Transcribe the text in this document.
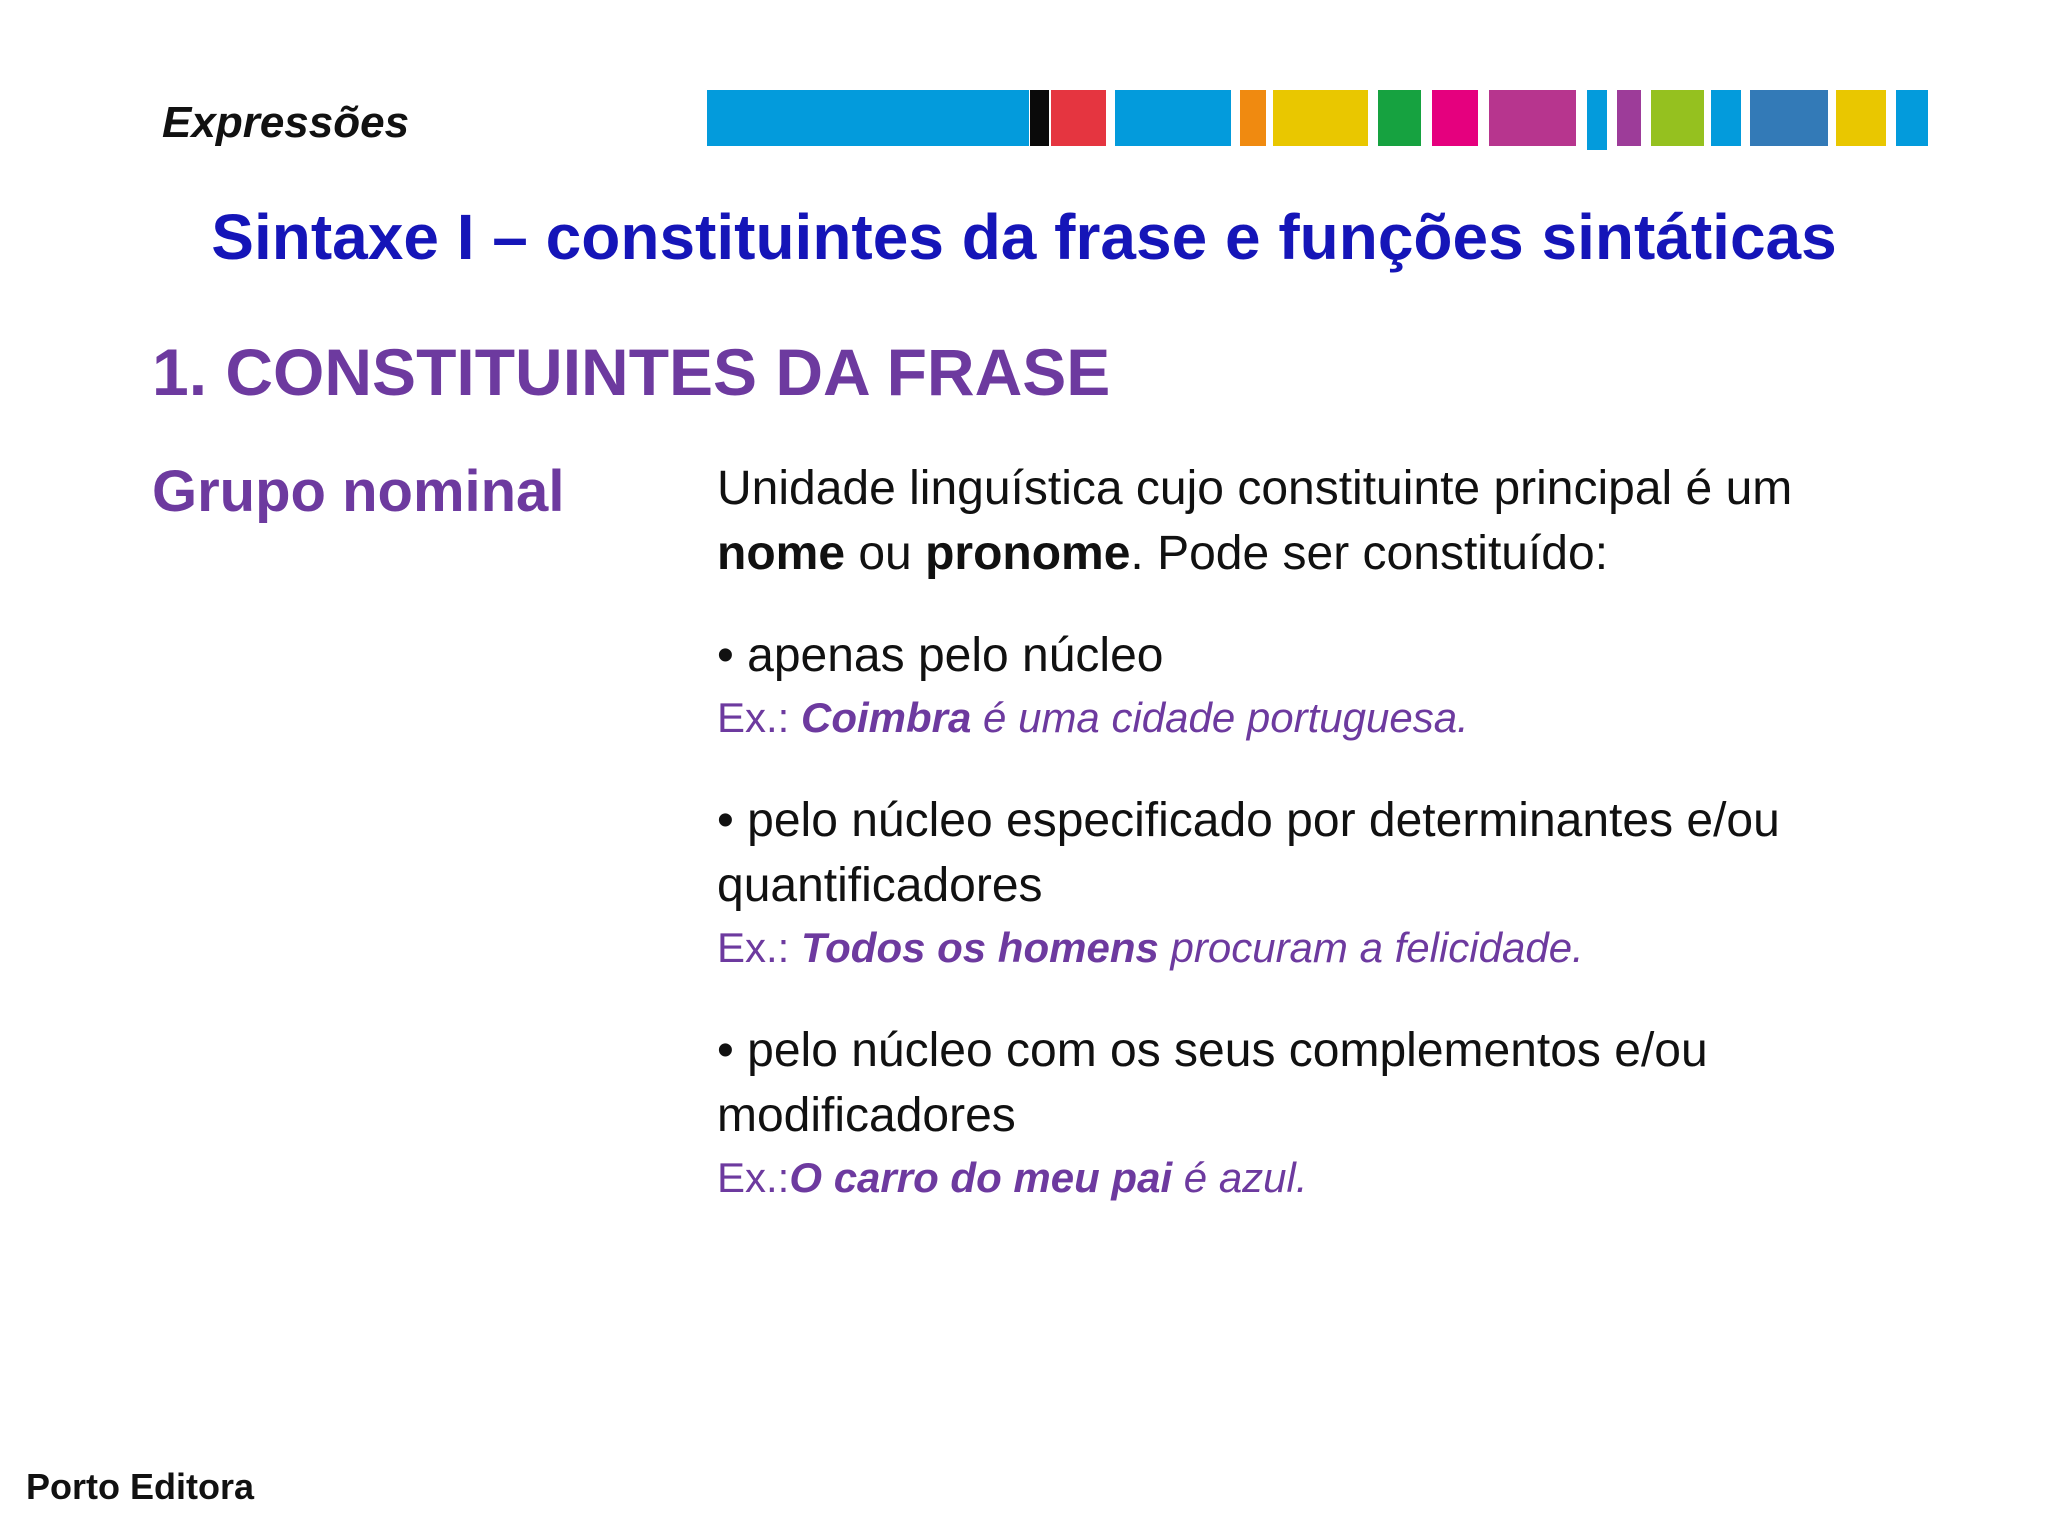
Expressões

Sintaxe I – constituintes da frase e funções sintáticas
1. CONSTITUINTES DA FRASE
Grupo nominal	Unidade linguística cujo constituinte principal é um nome ou pronome. Pode ser constituído:

• apenas pelo núcleo

Ex.: Coimbra é uma cidade portuguesa.

• pelo núcleo especificado por determinantes e/ou quantificadores

Ex.: Todos os homens procuram a felicidade.

• pelo núcleo com os seus complementos e/ou modificadores

Ex.:O carro do meu pai é azul.

Porto Editora
